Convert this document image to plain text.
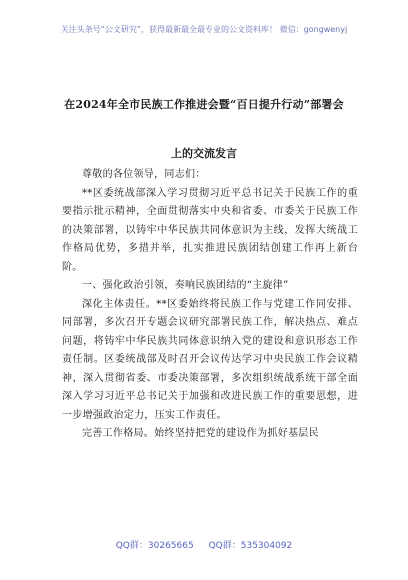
关注头条号“公文研究”，获得最新最全最专业的公文资料库！ 微信：gongwenyj
在2024年全市民族工作推进会暨“百日提升行动”部署会
上的交流发言

尊敬的各位领导，同志们：

**区委统战部深入学习贯彻习近平总书记关于民族工作的重要指示批示精神，全面贯彻落实中央和省委、市委关于民族工作的决策部署，以铸牢中华民族共同体意识为主线，发挥大统战工作格局优势，多措并举，扎实推进民族团结创建工作再上新台阶。

一、强化政治引领，奏响民族团结的“主旋律”

深化主体责任。**区委始终将民族工作与党建工作同安排、同部署，多次召开专题会议研究部署民族工作，解决热点、难点问题，将铸牢中华民族共同体意识纳入党的建设和意识形态工作责任制。区委统战部及时召开会议传达学习中央民族工作会议精神，深入贯彻省委、市委决策部署，多次组织统战系统干部全面深入学习习近平总书记关于加强和改进民族工作的重要思想，进一步增强政治定力，压实工作责任。

完善工作格局。始终坚持把党的建设作为抓好基层民

QQ群：30265665 QQ群：535304092
